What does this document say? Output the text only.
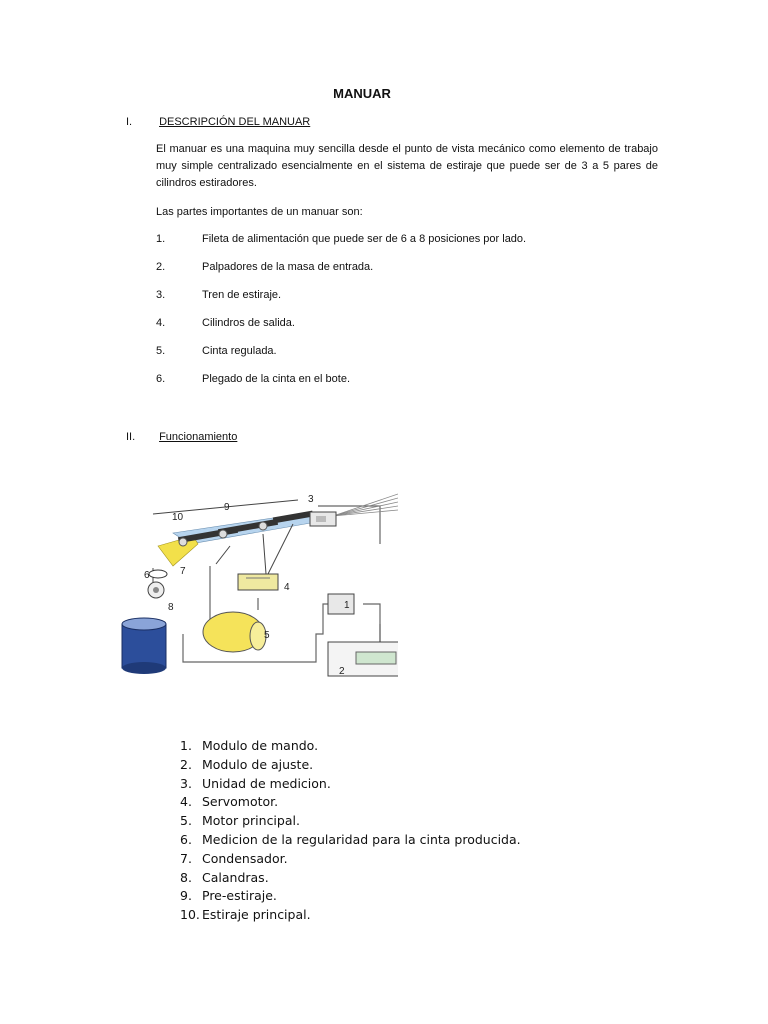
MANUAR
I. DESCRIPCIÓN DEL MANUAR
El manuar es una maquina muy sencilla desde el punto de vista mecánico como elemento de trabajo muy simple centralizado esencialmente en el sistema de estiraje que puede ser de 3 a 5 pares de cilindros estiradores.
Las partes importantes de un manuar son:
1.	Fileta de alimentación que puede ser de 6 a 8 posiciones por lado.
2.	Palpadores de la masa de entrada.
3.	Tren de estiraje.
4.	Cilindros de salida.
5.	Cinta regulada.
6.	Plegado de la cinta en el bote.
II. Funcionamiento
10
9
3
7
6
8
4
5
1
2
1. Modulo de mando.
2. Modulo de ajuste.
3. Unidad de medicion.
4. Servomotor.
5. Motor principal.
6. Medicion de la regularidad para la cinta producida.
7. Condensador.
8. Calandras.
9. Pre-estiraje.
10. Estiraje principal.
